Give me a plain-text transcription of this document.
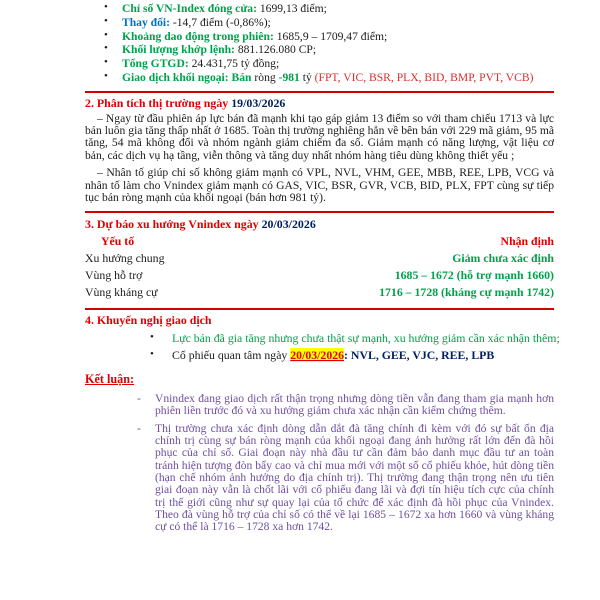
• Chỉ số VN-Index đóng cửa: 1699,13 điểm;
• Thay đổi: -14,7 điểm (-0,86%);
• Khoảng dao động trong phiên: 1685,9 – 1709,47 điểm;
• Khối lượng khớp lệnh: 881.126.080 CP;
• Tổng GTGD: 24.431,75 tỷ đồng;
• Giao dịch khối ngoại: Bán ròng -981 tỷ (FPT, VIC, BSR, PLX, BID, BMP, PVT, VCB)
2. Phân tích thị trường ngày 19/03/2026

– Ngay từ đầu phiên áp lực bán đã mạnh khi tạo gáp giảm 13 điểm so với tham chiếu 1713 và lực bán luôn gia tăng thấp nhất ở 1685. Toàn thị trường nghiêng hẳn về bên bán với 229 mã giảm, 95 mã tăng, 54 mã không đổi và nhóm ngành giảm chiếm đa số. Giảm mạnh có năng lượng, vật liệu cơ bản, các dịch vụ hạ tầng, viễn thông và tăng duy nhất nhóm hàng tiêu dùng không thiết yếu ;

– Nhân tố giúp chỉ số không giảm mạnh có VPL, NVL, VHM, GEE, MBB, REE, LPB, VCG và nhân tố làm cho Vnindex giảm mạnh có GAS, VIC, BSR, GVR, VCB, BID, PLX, FPT cùng sự tiếp tục bán ròng mạnh của khối ngoại (bán hơn 981 tỷ).

3. Dự báo xu hướng Vnindex ngày 20/03/2026
Yếu tố	Nhận định
Xu hướng chung	Giảm chưa xác định
Vùng hỗ trợ	1685 – 1672 (hỗ trợ mạnh 1660)
Vùng kháng cự	1716 – 1728 (kháng cự mạnh 1742)
4. Khuyến nghị giao dịch
• Lực bán đã gia tăng nhưng chưa thật sự mạnh, xu hướng giảm cần xác nhận thêm;
• Cổ phiếu quan tâm ngày 20/03/2026: NVL, GEE, VJC, REE, LPB
Kết luận:
- Vnindex đang giao dịch rất thận trọng nhưng dòng tiền vẫn đang tham gia mạnh hơn phiên liền trước đó và xu hướng giảm chưa xác nhận cần kiểm chứng thêm.
- Thị trường chưa xác định dòng dẫn dắt đà tăng chính đi kèm với đó sự bất ổn địa chính trị cùng sự bán ròng mạnh của khối ngoại đang ảnh hưởng rất lớn đến đà hồi phục của chỉ số. Giai đoạn này nhà đầu tư cần đảm bảo danh mục đầu tư an toàn tránh hiện tượng đòn bẩy cao và chỉ mua mới với một số cổ phiếu khỏe, hút dòng tiền (hạn chế nhóm ảnh hưởng do địa chính trị). Thị trường đang thận trọng nên ưu tiên giai đoạn này vẫn là chốt lãi với cổ phiếu đang lãi và đợi tín hiệu tích cực của chính trị thế giới cũng như sự quay lại của tổ chức để xác định đà hồi phục của Vnindex. Theo đà vùng hỗ trợ của chỉ số có thể về lại 1685 – 1672 xa hơn 1660 và vùng kháng cự có thể là 1716 – 1728 xa hơn 1742.
